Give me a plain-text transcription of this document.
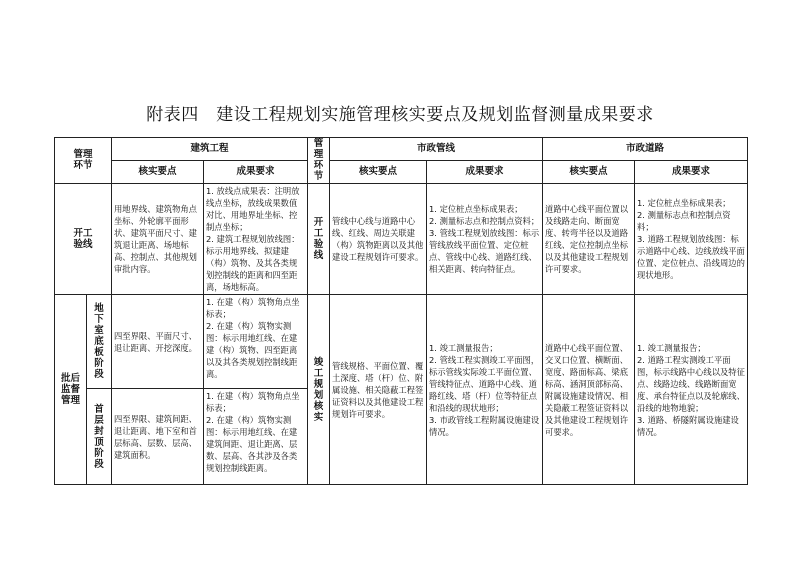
附表四　建设工程规划实施管理核实要点及规划监督测量成果要求
管理环节		建筑工程		管理环节	市政管线		市政道路	
		核实要点	成果要求		核实要点	成果要求	核实要点	成果要求
开工验线		用地界线、建筑物角点坐标、外轮廓平面形状、建筑平面尺寸、建筑退让距离、场地标高、控制点、其他规划审批内容。	1. 放线点成果表：注明放线点坐标，放线成果数值对比、用地界址坐标、控制点坐标；
2. 建筑工程规划放线图：标示用地界线、拟建建（构）筑物、及其各类规划控制线的距离和四至距离，场地标高。	开工验线	管线中心线与道路中心线、红线、周边关联建（构）筑物距离以及其他建设工程规划许可要求。	1. 定位桩点坐标成果表；
2. 测量标志点和控制点资料；
3. 管线工程规划放线图：标示管线放线平面位置、定位桩点、管线中心线、道路红线、相关距离、转向特征点。	道路中心线平面位置以及线路走向、断面宽度、转弯半径以及道路红线、定位控制点坐标以及其他建设工程规划许可要求。	1. 定位桩点坐标成果表；
2. 测量标志点和控制点资料；
3. 道路工程规划放线图：标示道路中心线、边线放线平面位置、定位桩点、沿线周边的现状地形。
批后监督管理	地下室底板阶段	四至界限、平面尺寸、退让距离、开挖深度。	1. 在建（构）筑物角点坐标表；
2. 在建（构）筑物实测图：标示用地红线、在建建（构）筑物、四至距离以及其各类规划控制线距离。	竣工规划核实	管线规格、平面位置、覆土深度、塔（杆）位、附属设施、相关隐蔽工程签证资料以及其他建设工程规划许可要求。	1. 竣工测量报告；
2. 管线工程实测竣工平面图，标示管线实际竣工平面位置、管线特征点、道路中心线、道路红线、塔（杆）位等特征点和沿线的现状地形；
3. 市政管线工程附属设施建设情况。	道路中心线平面位置、交叉口位置、横断面、宽度、路面标高、梁底标高、涵洞顶部标高、附属设施建设情况、相关隐蔽工程签证资料以及其他建设工程规划许可要求。	1. 竣工测量报告；
2. 道路工程实测竣工平面图，标示线路中心线以及特征点、线路边线、线路断面宽度、承台特征点以及轮廓线、沿线的地物地貌；
3. 道路、桥隧附属设施建设情况。
	首层封顶阶段	四至界限、建筑间距、退让距离、地下室和首层标高、层数、层高、建筑面积。	1. 在建（构）筑物角点坐标表；
2. 在建（构）筑物实测图：标示用地红线、在建建筑间距、退让距离、层数、层高、各其涉及各类规划控制线距离。					
